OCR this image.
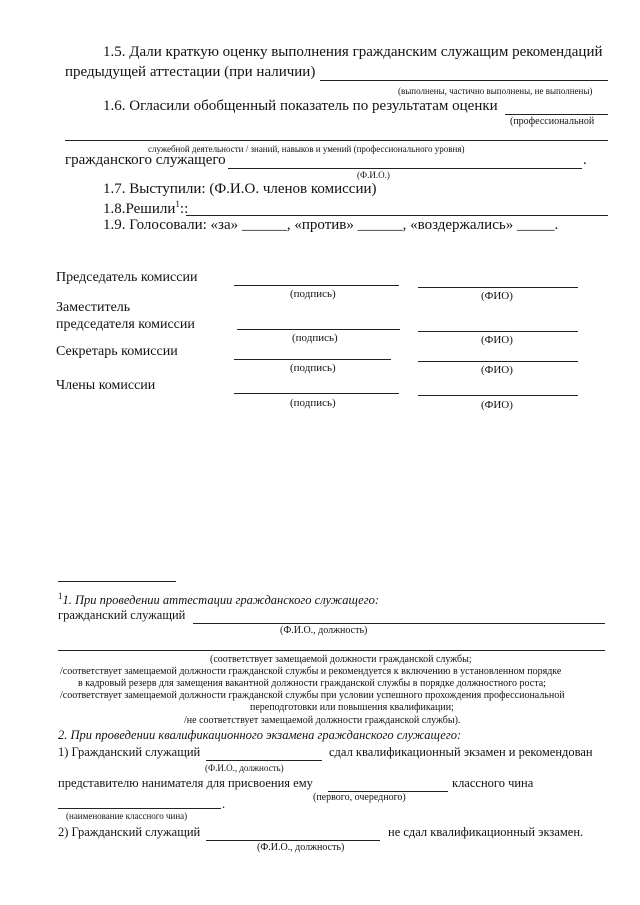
1.5. Дали краткую оценку выполнения гражданским служащим рекомендаций
предыдущей аттестации (при наличии)
(выполнены, частично выполнены, не выполнены)
1.6. Огласили обобщенный показатель по результатам оценки
(профессиональной
служебной деятельности / знаний, навыков и умений (профессионального уровня)
гражданского служащего	.
(Ф.И.О.)
1.7. Выступили: (Ф.И.О. членов комиссии)
1.8.Решили$^1$::
1.9. Голосовали: «за» ______, «против» ______, «воздержались» _____.
Председатель комиссии
(подпись)	(ФИО)
Заместитель
председателя комиссии
(подпись)	(ФИО)
Секретарь комиссии
(подпись)	(ФИО)
Члены комиссии
(подпись)	(ФИО)
$^1$1. При проведении аттестации гражданского служащего:
гражданский служащий
(Ф.И.О., должность)
(соответствует замещаемой должности гражданской службы;
/соответствует замещаемой должности гражданской службы и рекомендуется к включению в установленном порядке
в кадровый резерв для замещения вакантной должности гражданской службы в порядке должностного роста;
/соответствует замещаемой должности гражданской службы при условии успешного прохождения профессиональной
переподготовки или повышения квалификации;
/не соответствует замещаемой должности гражданской службы).
2. При проведении квалификационного экзамена гражданского служащего:
1) Гражданский служащий	сдал квалификационный экзамен и рекомендован
(Ф.И.О., должность)
представителю нанимателя для присвоения ему	классного чина
(первого, очередного)
.
(наименование классного чина)
2) Гражданский служащий	не сдал квалификационный экзамен.
(Ф.И.О., должность)
